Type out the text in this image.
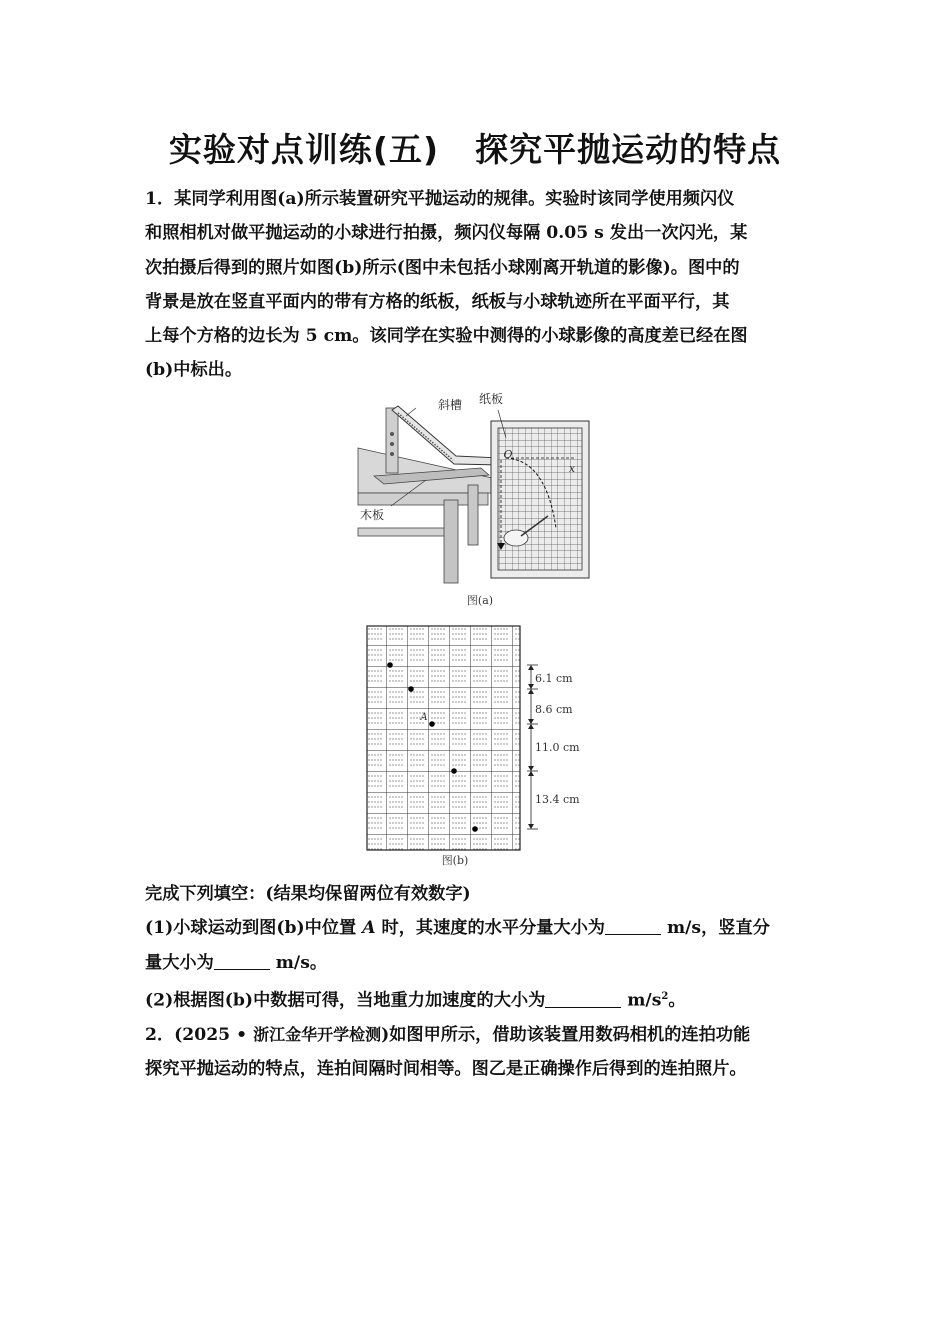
实验对点训练(五) 探究平抛运动的特点
1．某同学利用图(a)所示装置研究平抛运动的规律。实验时该同学使用频闪仪
和照相机对做平抛运动的小球进行拍摄，频闪仪每隔 0.05 s 发出一次闪光，某
次拍摄后得到的照片如图(b)所示(图中未包括小球刚离开轨道的影像)。图中的
背景是放在竖直平面内的带有方格的纸板，纸板与小球轨迹所在平面平行，其
上每个方格的边长为 5 cm。该同学在实验中测得的小球影像的高度差已经在图
(b)中标出。
斜槽	纸板
木板
O
x
图(a)
A
6.1 cm
8.6 cm
11.0 cm
13.4 cm
图(b)
完成下列填空：(结果均保留两位有效数字)
(1)小球运动到图(b)中位置 A 时，其速度的水平分量大小为	m/s，竖直分
量大小为	m/s。
(2)根据图(b)中数据可得，当地重力加速度的大小为	$m/s^2$。
2．(2025 • 浙江金华开学检测)如图甲所示，借助该装置用数码相机的连拍功能
探究平抛运动的特点，连拍间隔时间相等。图乙是正确操作后得到的连拍照片。
